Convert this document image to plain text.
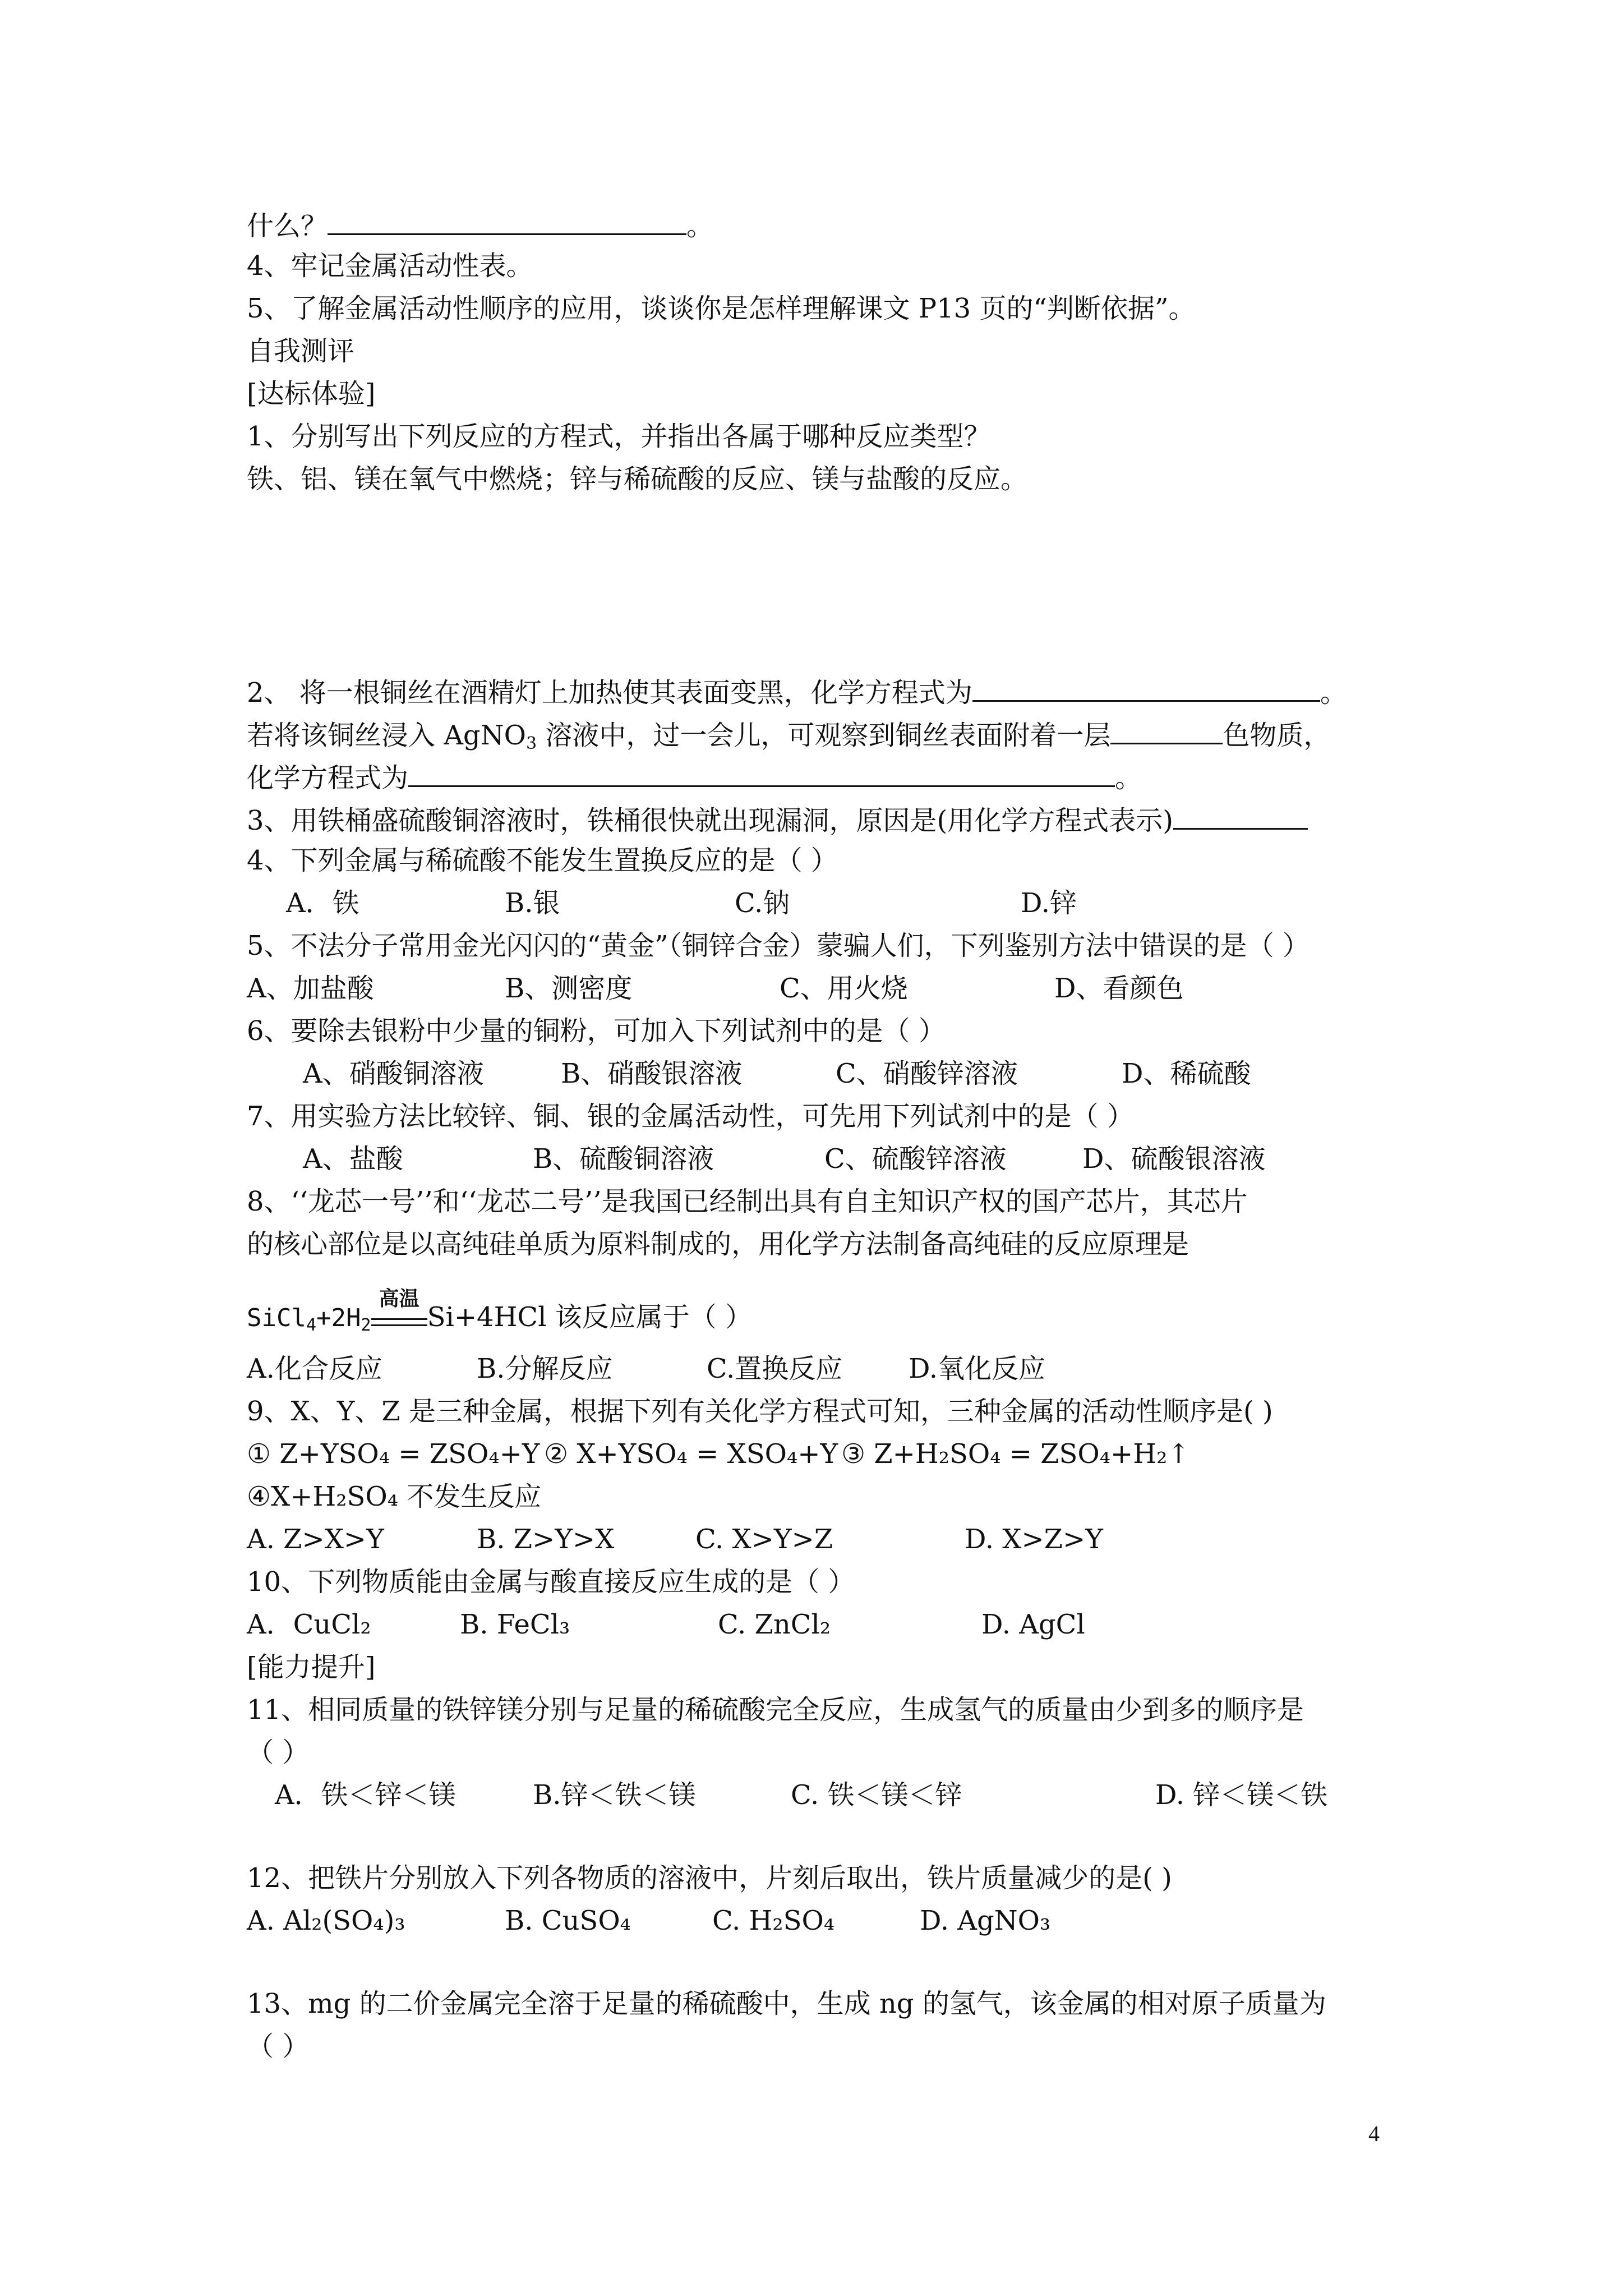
什么？	。
4、牢记金属活动性表。
5、了解金属活动性顺序的应用，谈谈你是怎样理解课文 P13 页的“判断依据”。
自我测评
[达标体验]
1、分别写出下列反应的方程式，并指出各属于哪种反应类型？
铁、铝、镁在氧气中燃烧；锌与稀硫酸的反应、镁与盐酸的反应。
2、 将一根铜丝在酒精灯上加热使其表面变黑，化学方程式为	。
若将该铜丝浸入 AgNO$_3$ 溶液中，过一会儿，可观察到铜丝表面附着一层	色物质，
化学方程式为	。
3、用铁桶盛硫酸铜溶液时，铁桶很快就出现漏洞，原因是(用化学方程式表示)
4、下列金属与稀硫酸不能发生置换反应的是（ ）
A．铁	B.银	C.钠	D.锌
5、不法分子常用金光闪闪的“黄金”（铜锌合金）蒙骗人们，下列鉴别方法中错误的是（ ）
A、加盐酸	B、测密度	C、用火烧	D、看颜色
6、要除去银粉中少量的铜粉，可加入下列试剂中的是（ ）
A、硝酸铜溶液	B、硝酸银溶液	C、硝酸锌溶液	D、稀硫酸
7、用实验方法比较锌、铜、银的金属活动性，可先用下列试剂中的是（ ）
A、盐酸	B、硫酸铜溶液	C、硫酸锌溶液	D、硫酸银溶液
8、‘‘龙芯一号’’和‘‘龙芯二号’’是我国已经制出具有自主知识产权的国产芯片，其芯片
的核心部位是以高纯硅单质为原料制成的，用化学方法制备高纯硅的反应原理是
$SiCl_4+2H_2$
高温
Si+4HCl 该反应属于（ ）
A.化合反应	B.分解反应	C.置换反应 D.氧化反应
9、X、Y、Z 是三种金属，根据下列有关化学方程式可知，三种金属的活动性顺序是( )
① Z+YSO₄ = ZSO₄+Y ② X+YSO₄ = XSO₄+Y ③ Z+H₂SO₄ = ZSO₄+H₂↑
④X+H₂SO₄ 不发生反应
A. Z>X>Y	B. Z>Y>X	C. X>Y>Z	D. X>Z>Y
10、下列物质能由金属与酸直接反应生成的是（ ）
A．CuCl₂	B. FeCl₃	C. ZnCl₂	D. AgCl
[能力提升]
11、相同质量的铁锌镁分别与足量的稀硫酸完全反应，生成氢气的质量由少到多的顺序是
（ ）
A．铁＜锌＜镁	B.锌＜铁＜镁	C. 铁＜镁＜锌	D. 锌＜镁＜铁
12、把铁片分别放入下列各物质的溶液中，片刻后取出，铁片质量减少的是( )
A. Al₂(SO₄)₃	B. CuSO₄	C. H₂SO₄	D. AgNO₃
13、mg 的二价金属完全溶于足量的稀硫酸中，生成 ng 的氢气，该金属的相对原子质量为
（ ）
4
